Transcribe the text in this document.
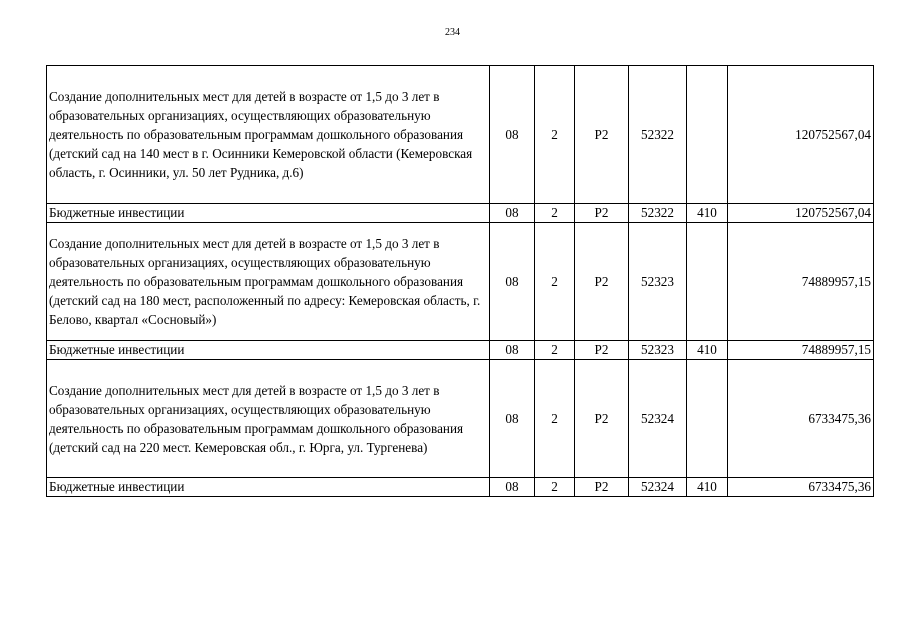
234
Создание дополнительных мест для детей в возрасте от 1,5 до 3 лет в образовательных организациях, осуществляющих образовательную деятельность по образовательным программам дошкольного образования (детский сад на 140 мест в г. Осинники Кемеровской области (Кемеровская область, г. Осинники, ул. 50 лет Рудника, д.6)	08	2	P2	52322		120752567,04
Бюджетные инвестиции	08	2	P2	52322	410	120752567,04
Создание дополнительных мест для детей в возрасте от 1,5 до 3 лет в образовательных организациях, осуществляющих образовательную деятельность по образовательным программам дошкольного образования (детский сад на 180 мест, расположенный по адресу: Кемеровская область, г. Белово, квартал «Сосновый»)	08	2	P2	52323		74889957,15
Бюджетные инвестиции	08	2	P2	52323	410	74889957,15
Создание дополнительных мест для детей в возрасте от 1,5 до 3 лет в образовательных организациях, осуществляющих образовательную деятельность по образовательным программам дошкольного образования (детский сад на 220 мест. Кемеровская обл., г. Юрга, ул. Тургенева)	08	2	P2	52324		6733475,36
Бюджетные инвестиции	08	2	P2	52324	410	6733475,36
